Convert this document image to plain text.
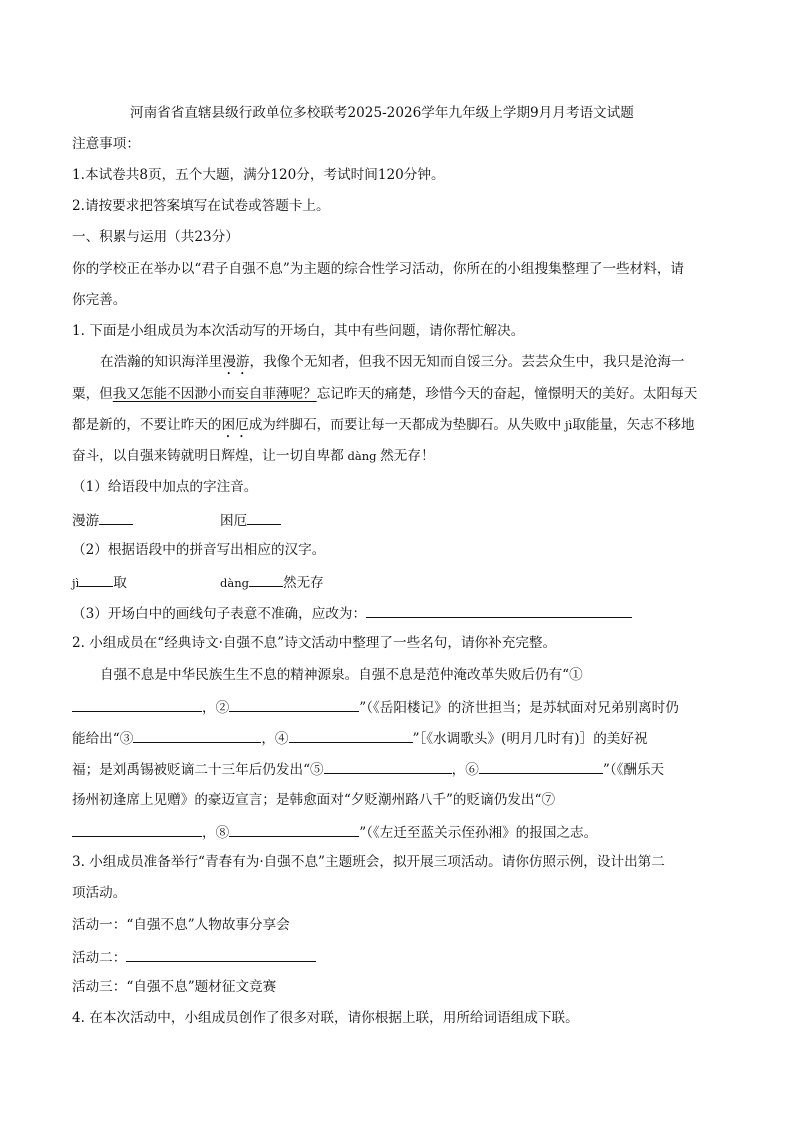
河南省省直辖县级行政单位多校联考2025-2026学年九年级上学期9月月考语文试题
注意事项：
1.本试卷共8页，五个大题，满分120分，考试时间120分钟。
2.请按要求把答案填写在试卷或答题卡上。
一、积累与运用（共23分）
你的学校正在举办以“君子自强不息”为主题的综合性学习活动，你所在的小组搜集整理了一些材料，请
你完善。
1. 下面是小组成员为本次活动写的开场白，其中有些问题，请你帮忙解决。
在浩瀚的知识海洋里漫游，我像个无知者，但我不因无知而自馁三分。芸芸众生中，我只是沧海一
粟，但我又怎能不因渺小而妄自菲薄呢？忘记昨天的痛楚，珍惜今天的奋起，憧憬明天的美好。太阳每天
都是新的，不要让昨天的困厄成为绊脚石，而要让每一天都成为垫脚石。从失败中 jì取能量，矢志不移地
奋斗，以自强来铸就明日辉煌，让一切自卑都 dàng 然无存！
（1）给语段中加点的字注音。
漫游	困厄
（2）根据语段中的拼音写出相应的汉字。
jì	取	dàng	然无存
（3）开场白中的画线句子表意不准确，应改为：
2. 小组成员在“经典诗文·自强不息”诗文活动中整理了一些名句，请你补充完整。
自强不息是中华民族生生不息的精神源泉。自强不息是范仲淹改革失败后仍有“①
，②	”（《岳阳楼记》的济世担当；是苏轼面对兄弟别离时仍
能给出“③	，④	”［《水调歌头》(明月几时有)］的美好祝
福；是刘禹锡被贬谪二十三年后仍发出“⑤	，⑥	”（《酬乐天
扬州初逢席上见赠》的豪迈宣言；是韩愈面对“夕贬潮州路八千”的贬谪仍发出“⑦
，⑧	”（《左迁至蓝关示侄孙湘》的报国之志。
3. 小组成员准备举行“青春有为·自强不息”主题班会，拟开展三项活动。请你仿照示例，设计出第二
项活动。
活动一：“自强不息”人物故事分享会
活动二：
活动三：“自强不息”题材征文竞赛
4. 在本次活动中，小组成员创作了很多对联，请你根据上联，用所给词语组成下联。
